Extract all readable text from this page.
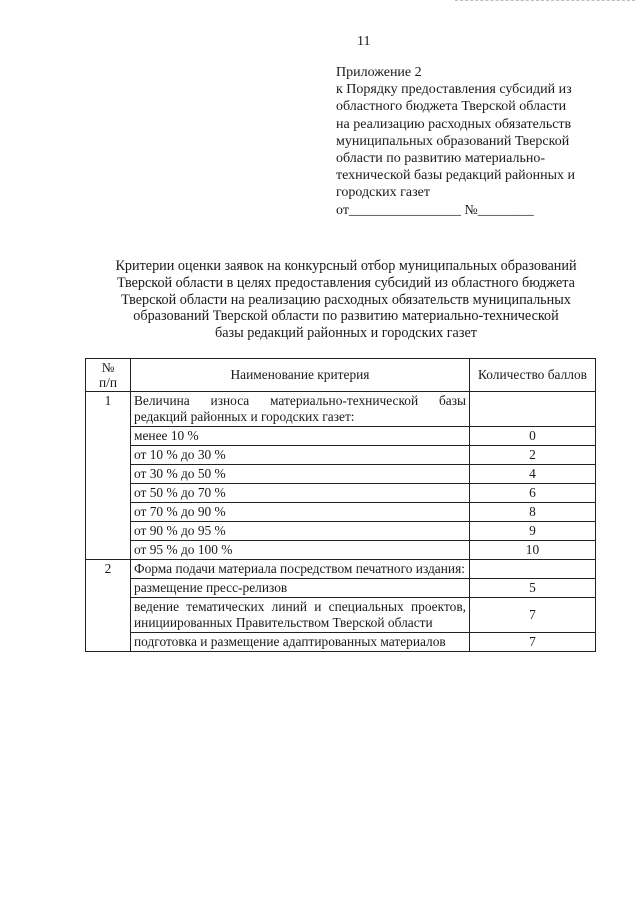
11
Приложение 2
к Порядку предоставления субсидий из
областного бюджета Тверской области
на реализацию расходных обязательств
муниципальных образований Тверской
области по развитию материально-
технической базы редакций районных и
городских газет
от________________ №________
Критерии оценки заявок на конкурсный отбор муниципальных образований
Тверской области в целях предоставления субсидий из областного бюджета
Тверской области на реализацию расходных обязательств муниципальных
образований Тверской области по развитию материально-технической
базы редакций районных и городских газет
№
п/п	Наименование критерия	Количество баллов
1	Величина износа материально-технической базы редакций районных и городских газет:	
	менее 10 %	0
	от 10 % до 30 %	2
	от 30 % до 50 %	4
	от 50 % до 70 %	6
	от 70 % до 90 %	8
	от 90 % до 95 %	9
	от 95 % до 100 %	10
2	Форма подачи материала посредством печатного издания:	
	размещение пресс-релизов	5
	ведение тематических линий и специальных проектов, инициированных Правительством Тверской области	7
	подготовка и размещение адаптированных материалов	7
